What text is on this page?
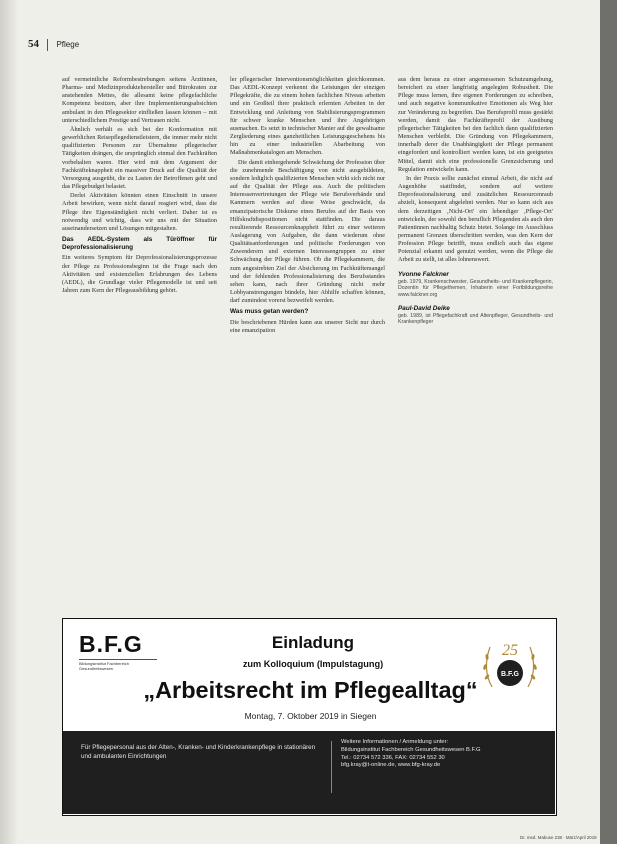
54 Pflege

auf vermeintliche Reformbestrebungen seitens Ärztinnen, Pharma- und Medizinproduktehersteller und Bürokraten zur anstehenden Mettes, die allesamt keine pflegefachliche Kompetenz besitzen, aber ihre Implementierungsabsichten ambulant in den Pflegesektor einfließen lassen können – mit unterschiedlichem Prestige und Vertrauen nicht.

Ähnlich verhält es sich bei der Konformation mit gewerblichen Reisepflegedienstleistern, die immer mehr nicht qualifizierten Personen zur Übernahme pflegerischer Tätigkeiten drängen, die ursprünglich einmal den Fachkräften vorbehalten waren. Hier wird mit dem Argument der Fachkräfteknappheit ein massiver Druck auf die Qualität der Versorgung ausgeübt, die zu Lasten der Betroffenen geht und das Pflegebudget belastet.

Derlei Aktivitäten könnten einen Einschnitt in unsere Arbeit bewirken, wenn nicht darauf reagiert wird, dass die Pflege ihre Eigenständigkeit nicht verliert. Daher ist es notwendig und wichtig, dass wir uns mit der Situation auseinandersetzen und Lösungen mitgestalten.

Das AEDL-System als Türöffner für Deprofessionalisierung

Ein weiteres Symptom für Deprofessionalisierungsprozesse der Pflege zu Professionsbeginn ist die Frage nach den Aktivitäten und existenziellen Erfahrungen des Lebens (AEDL), die Grundlage vieler Pflegemodelle ist und seit Jahren zum Kern der Pflegeausbildung gehört.

ler pflegerischer Interventionsmöglichkeiten gleichkommen. Das AEDL-Konzept verkennt die Leistungen der einzigen Pflegekräfte, die zu einem hohen fachlichen Niveau arbeiten und ein Großteil ihrer praktisch erlernten Arbeiten in der Entwicklung und Anleitung von Stabilisierungsprogrammen für schwer kranke Menschen und ihre Angehörigen ausmachen. Es setzt in technischer Manier auf die gewaltsame Zergliederung eines ganzheitlichen Leistungsgeschehens bis hin zu einer industriellen Abarbeitung von Maßnahmenkatalogen am Menschen.

Die damit einhergehende Schwächung der Profession über die zunehmende Beschäftigung von nicht ausgebildeten, sondern lediglich qualifizierten Menschen wirkt sich nicht nur auf die Qualität der Pflege aus. Auch die politischen Interessenvertretungen der Pflege wie Berufsverbände und Kammern werden auf diese Weise geschwächt, da emanzipatorische Diskurse eines Berufes auf der Basis von Hilfskraftdispositionen nicht stattfinden. Die daraus resultierende Ressourcenknappheit führt zu einer weiteren Auslagerung von Aufgaben, die dann wiederum ohne Qualitätsanforderungen und politische Forderungen von Zuwenderern und externen Interessengruppen zu einer Schwächung der Pflege führen. Ob die Pflegekammern, die zum angestrebten Ziel der Absicherung im Fachkräftemangel und der fehlenden Professionalisierung des Berufsstandes sehen kann, nach ihrer Gründung nicht mehr Lobbyanstrengungen bündeln, hier Abhilfe schaffen können, darf zumindest vorerst bezweifelt werden.

Was muss getan werden?

Die beschriebenen Hürden kann aus unserer Sicht nur durch eine emanzipation

aus dem heraus zu einer angemessenen Schutzumgebung, bereichert zu einer langfristig angelegten Robustheit. Die Pflege muss lernen, ihre eigenen Forderungen zu schreiben, und auch negative kommunikative Emotionen als Weg hier zur Veränderung zu begreifen. Das Berufsprofil muss gestärkt werden, damit das Fachkräfteprofil der Ausübung pflegerischer Tätigkeiten bei den fachlich dann qualifizierten Menschen verbleibt. Die Gründung von Pflegekammern, innerhalb derer die Unabhängigkeit der Pflege permanent eingefordert und kontrolliert werden kann, ist ein geeignetes Mittel, damit sich eine professionelle Grenzsicherung und Regulation entwickeln kann.

In der Praxis sollte zunächst einmal Arbeit, die nicht auf Augenhöhe stattfindet, sondern auf weitere Deprofessionalisierung und zusätzlichen Ressourcenraub abzielt, konsequent abgelehnt werden. Nur so kann sich aus dem derzeitigen ‚Nicht-Ort' ein lebendiger ‚Pflege-Ort' entwickeln, der sowohl den beruflich Pflegenden als auch den Patientinnen nachhaltig Schutz bietet. Solange im Ausschluss permanent Grenzen überschritten werden, was den Kern der Profession Pflege betrifft, muss endlich auch das eigene Potenzial erkannt und genutzt werden, wenn die Pflege die Arbeit zu stellt, ist alles lohnenswert.

Yvonne Falckner
geb. 1979, Krankenschwester, Gesundheits- und Krankenpflegerin, Dozentin für Pflegethemen, Inhaberin einer Fortbildungsreihe www.falckner.org
Paul-David Deike
geb. 1989, ist Pflegefachkraft und Altenpfleger, Gesundheits- und Krankenpfleger
B.F.G
Bildungsinstitut Fachbereich Gesundheitswesen
Einladung
zum Kolloquium (Impulstagung)
„Arbeitsrecht im Pflegealltag“
Montag, 7. Oktober 2019 in Siegen
25
B.F.G
Für Pflegepersonal aus der Alten-, Kranken- und Kinderkrankenpflege in stationären und ambulanten Einrichtungen
Weitere Informationen / Anmeldung unter:
Bildungsinstitut Fachbereich Gesundheitswesen B.F.G
Tel.: 02734 572 336, FAX: 02734 552 30
bfg.kray@t-online.de, www.bfg-kray.de
Dr. med. Mabuse 238 · März/April 2019
